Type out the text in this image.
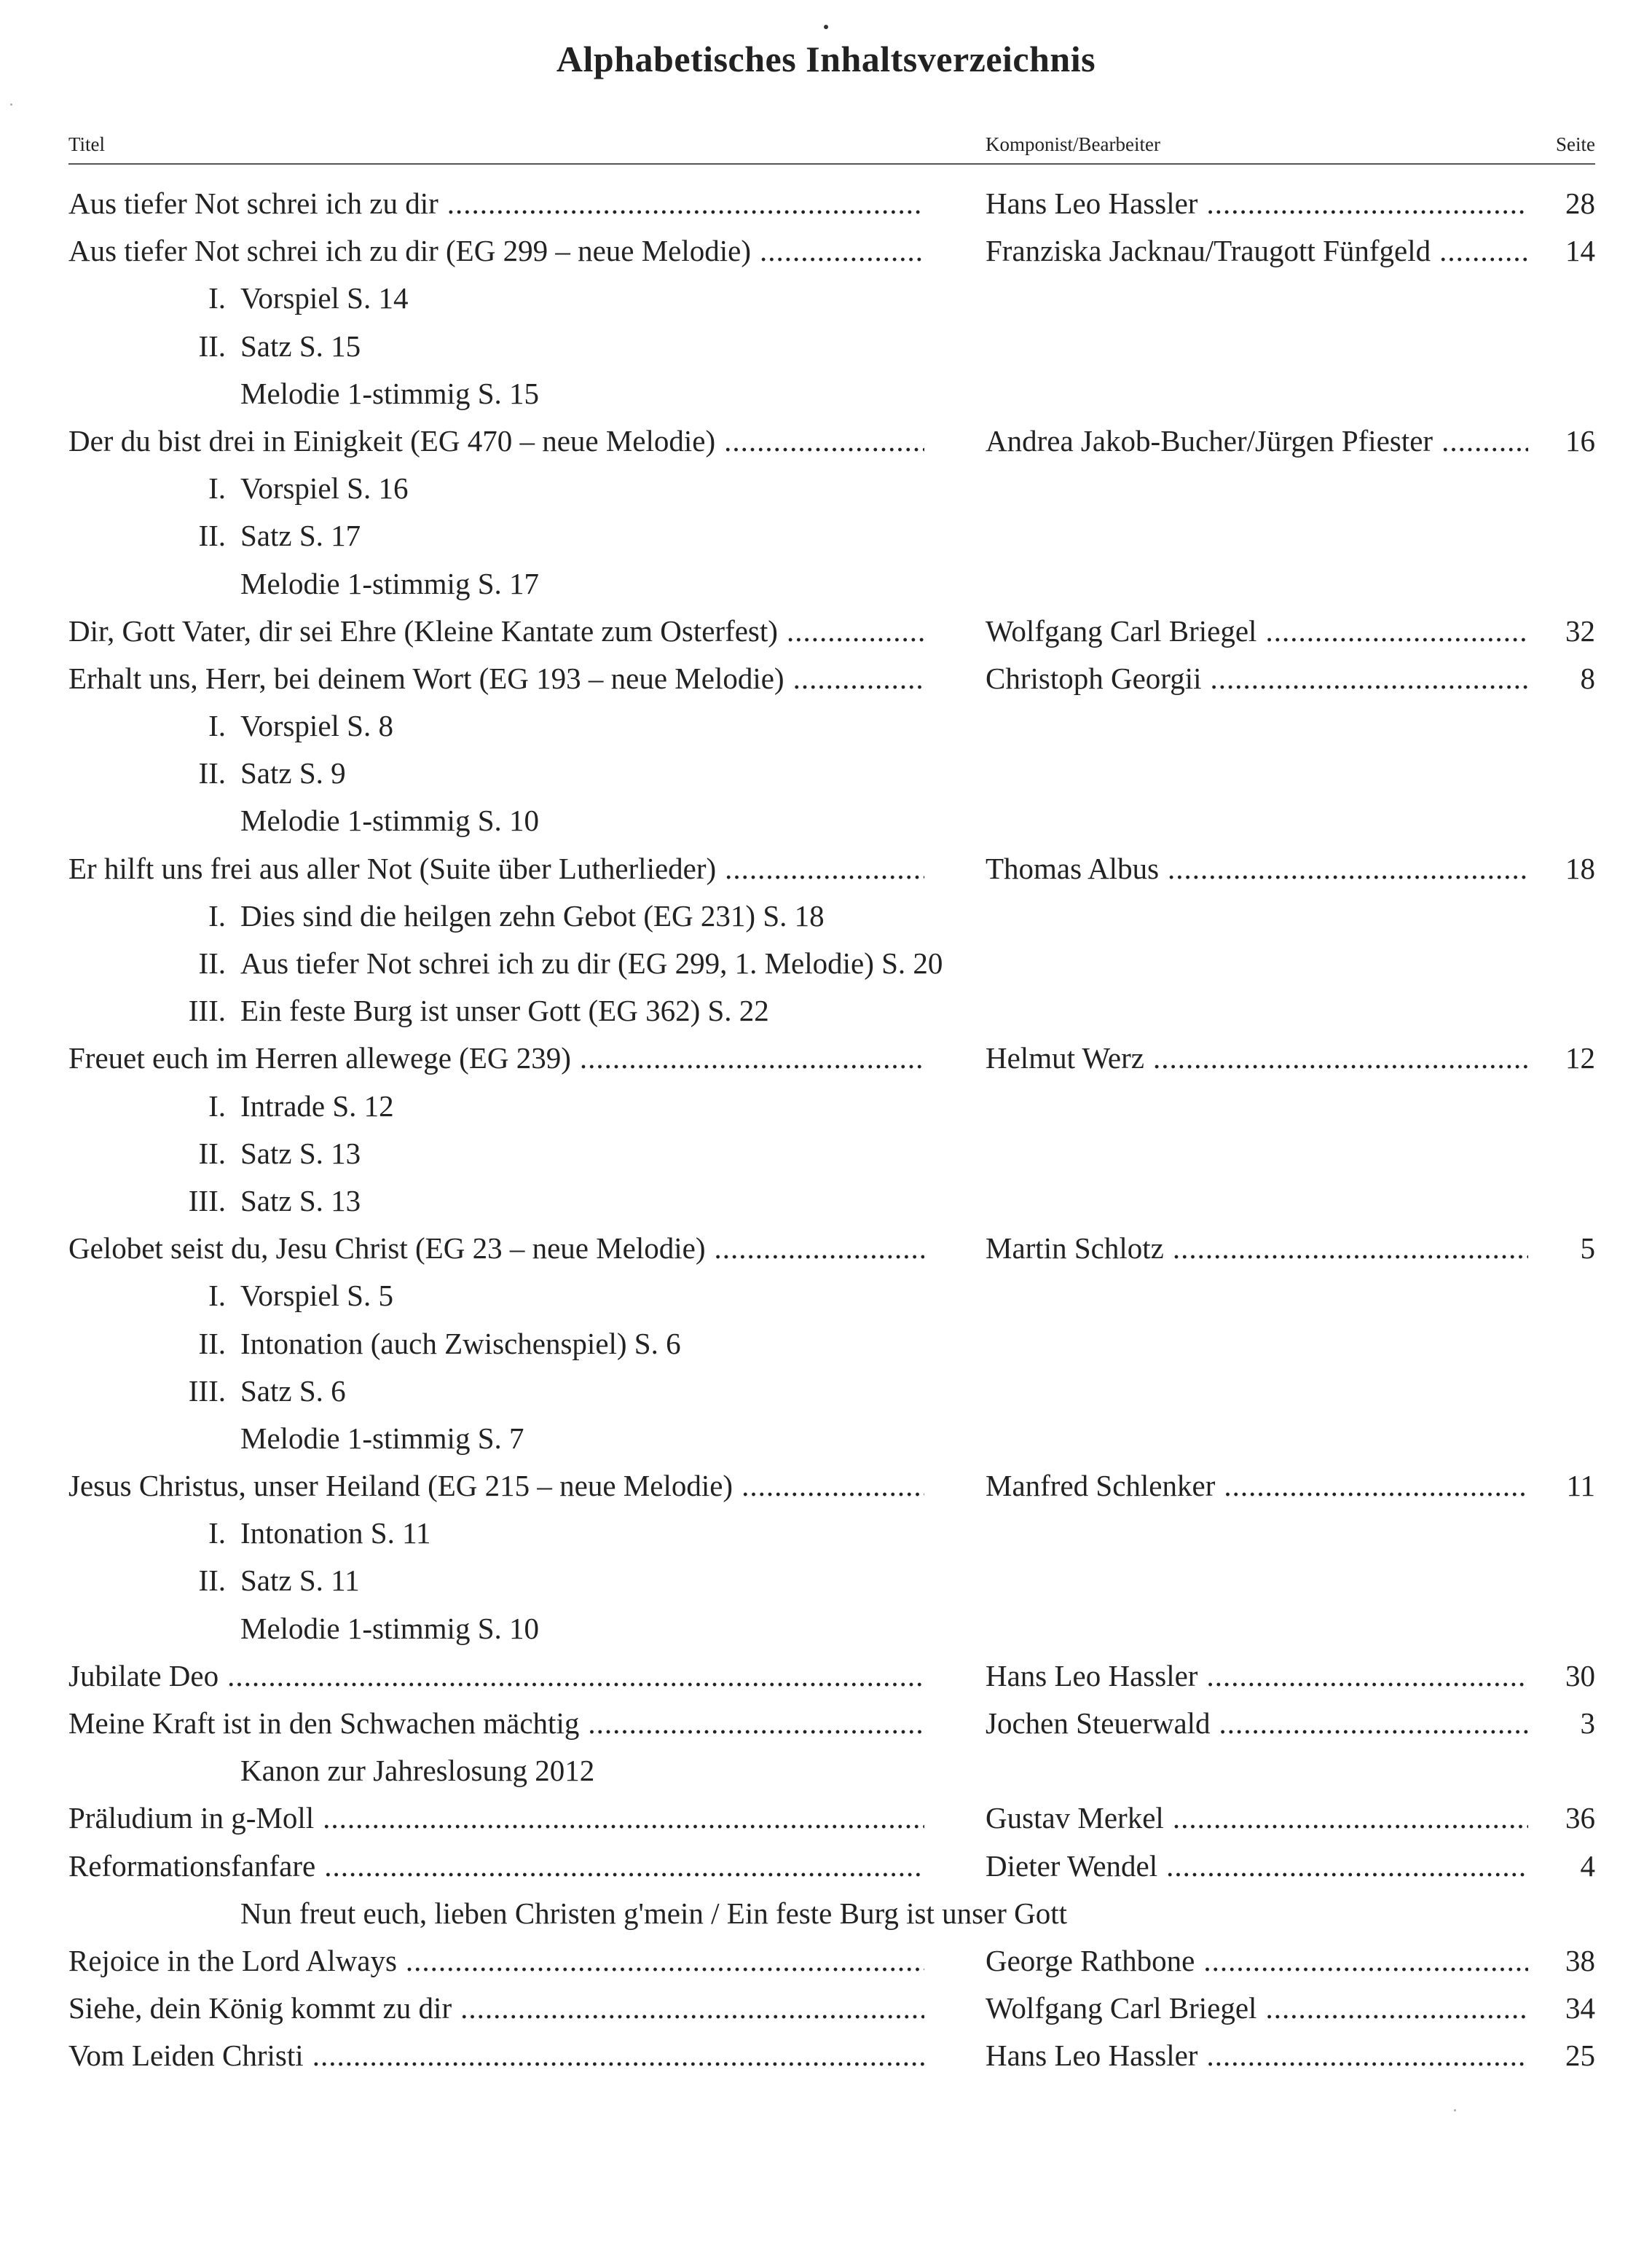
Alphabetisches Inhaltsverzeichnis
Titel	Komponist/Bearbeiter	Seite
Aus tiefer Not schrei ich zu dir .....	Hans Leo Hassler .....	28
Aus tiefer Not schrei ich zu dir (EG 299 – neue Melodie) .....	Franziska Jacknau/Traugott Fünfgeld .....	14
I. Vorspiel S. 14
II. Satz S. 15
Melodie 1-stimmig S. 15
Der du bist drei in Einigkeit (EG 470 – neue Melodie) .....	Andrea Jakob-Bucher/Jürgen Pfiester .....	16
I. Vorspiel S. 16
II. Satz S. 17
Melodie 1-stimmig S. 17
Dir, Gott Vater, dir sei Ehre (Kleine Kantate zum Osterfest) .....	Wolfgang Carl Briegel .....	32
Erhalt uns, Herr, bei deinem Wort (EG 193 – neue Melodie) .....	Christoph Georgii .....	8
I. Vorspiel S. 8
II. Satz S. 9
Melodie 1-stimmig S. 10
Er hilft uns frei aus aller Not (Suite über Lutherlieder) .....	Thomas Albus .....	18
I. Dies sind die heilgen zehn Gebot (EG 231) S. 18
II. Aus tiefer Not schrei ich zu dir (EG 299, 1. Melodie) S. 20
III. Ein feste Burg ist unser Gott (EG 362) S. 22
Freuet euch im Herren allewege (EG 239) .....	Helmut Werz .....	12
I. Intrade S. 12
II. Satz S. 13
III. Satz S. 13
Gelobet seist du, Jesu Christ (EG 23 – neue Melodie) .....	Martin Schlotz .....	5
I. Vorspiel S. 5
II. Intonation (auch Zwischenspiel) S. 6
III. Satz S. 6
Melodie 1-stimmig S. 7
Jesus Christus, unser Heiland (EG 215 – neue Melodie) .....	Manfred Schlenker .....	11
I. Intonation S. 11
II. Satz S. 11
Melodie 1-stimmig S. 10
Jubilate Deo .....	Hans Leo Hassler .....	30
Meine Kraft ist in den Schwachen mächtig .....	Jochen Steuerwald .....	3
Kanon zur Jahreslosung 2012
Präludium in g-Moll .....	Gustav Merkel .....	36
Reformationsfanfare .....	Dieter Wendel .....	4
Nun freut euch, lieben Christen g'mein / Ein feste Burg ist unser Gott
Rejoice in the Lord Always .....	George Rathbone .....	38
Siehe, dein König kommt zu dir .....	Wolfgang Carl Briegel .....	34
Vom Leiden Christi .....	Hans Leo Hassler .....	25
